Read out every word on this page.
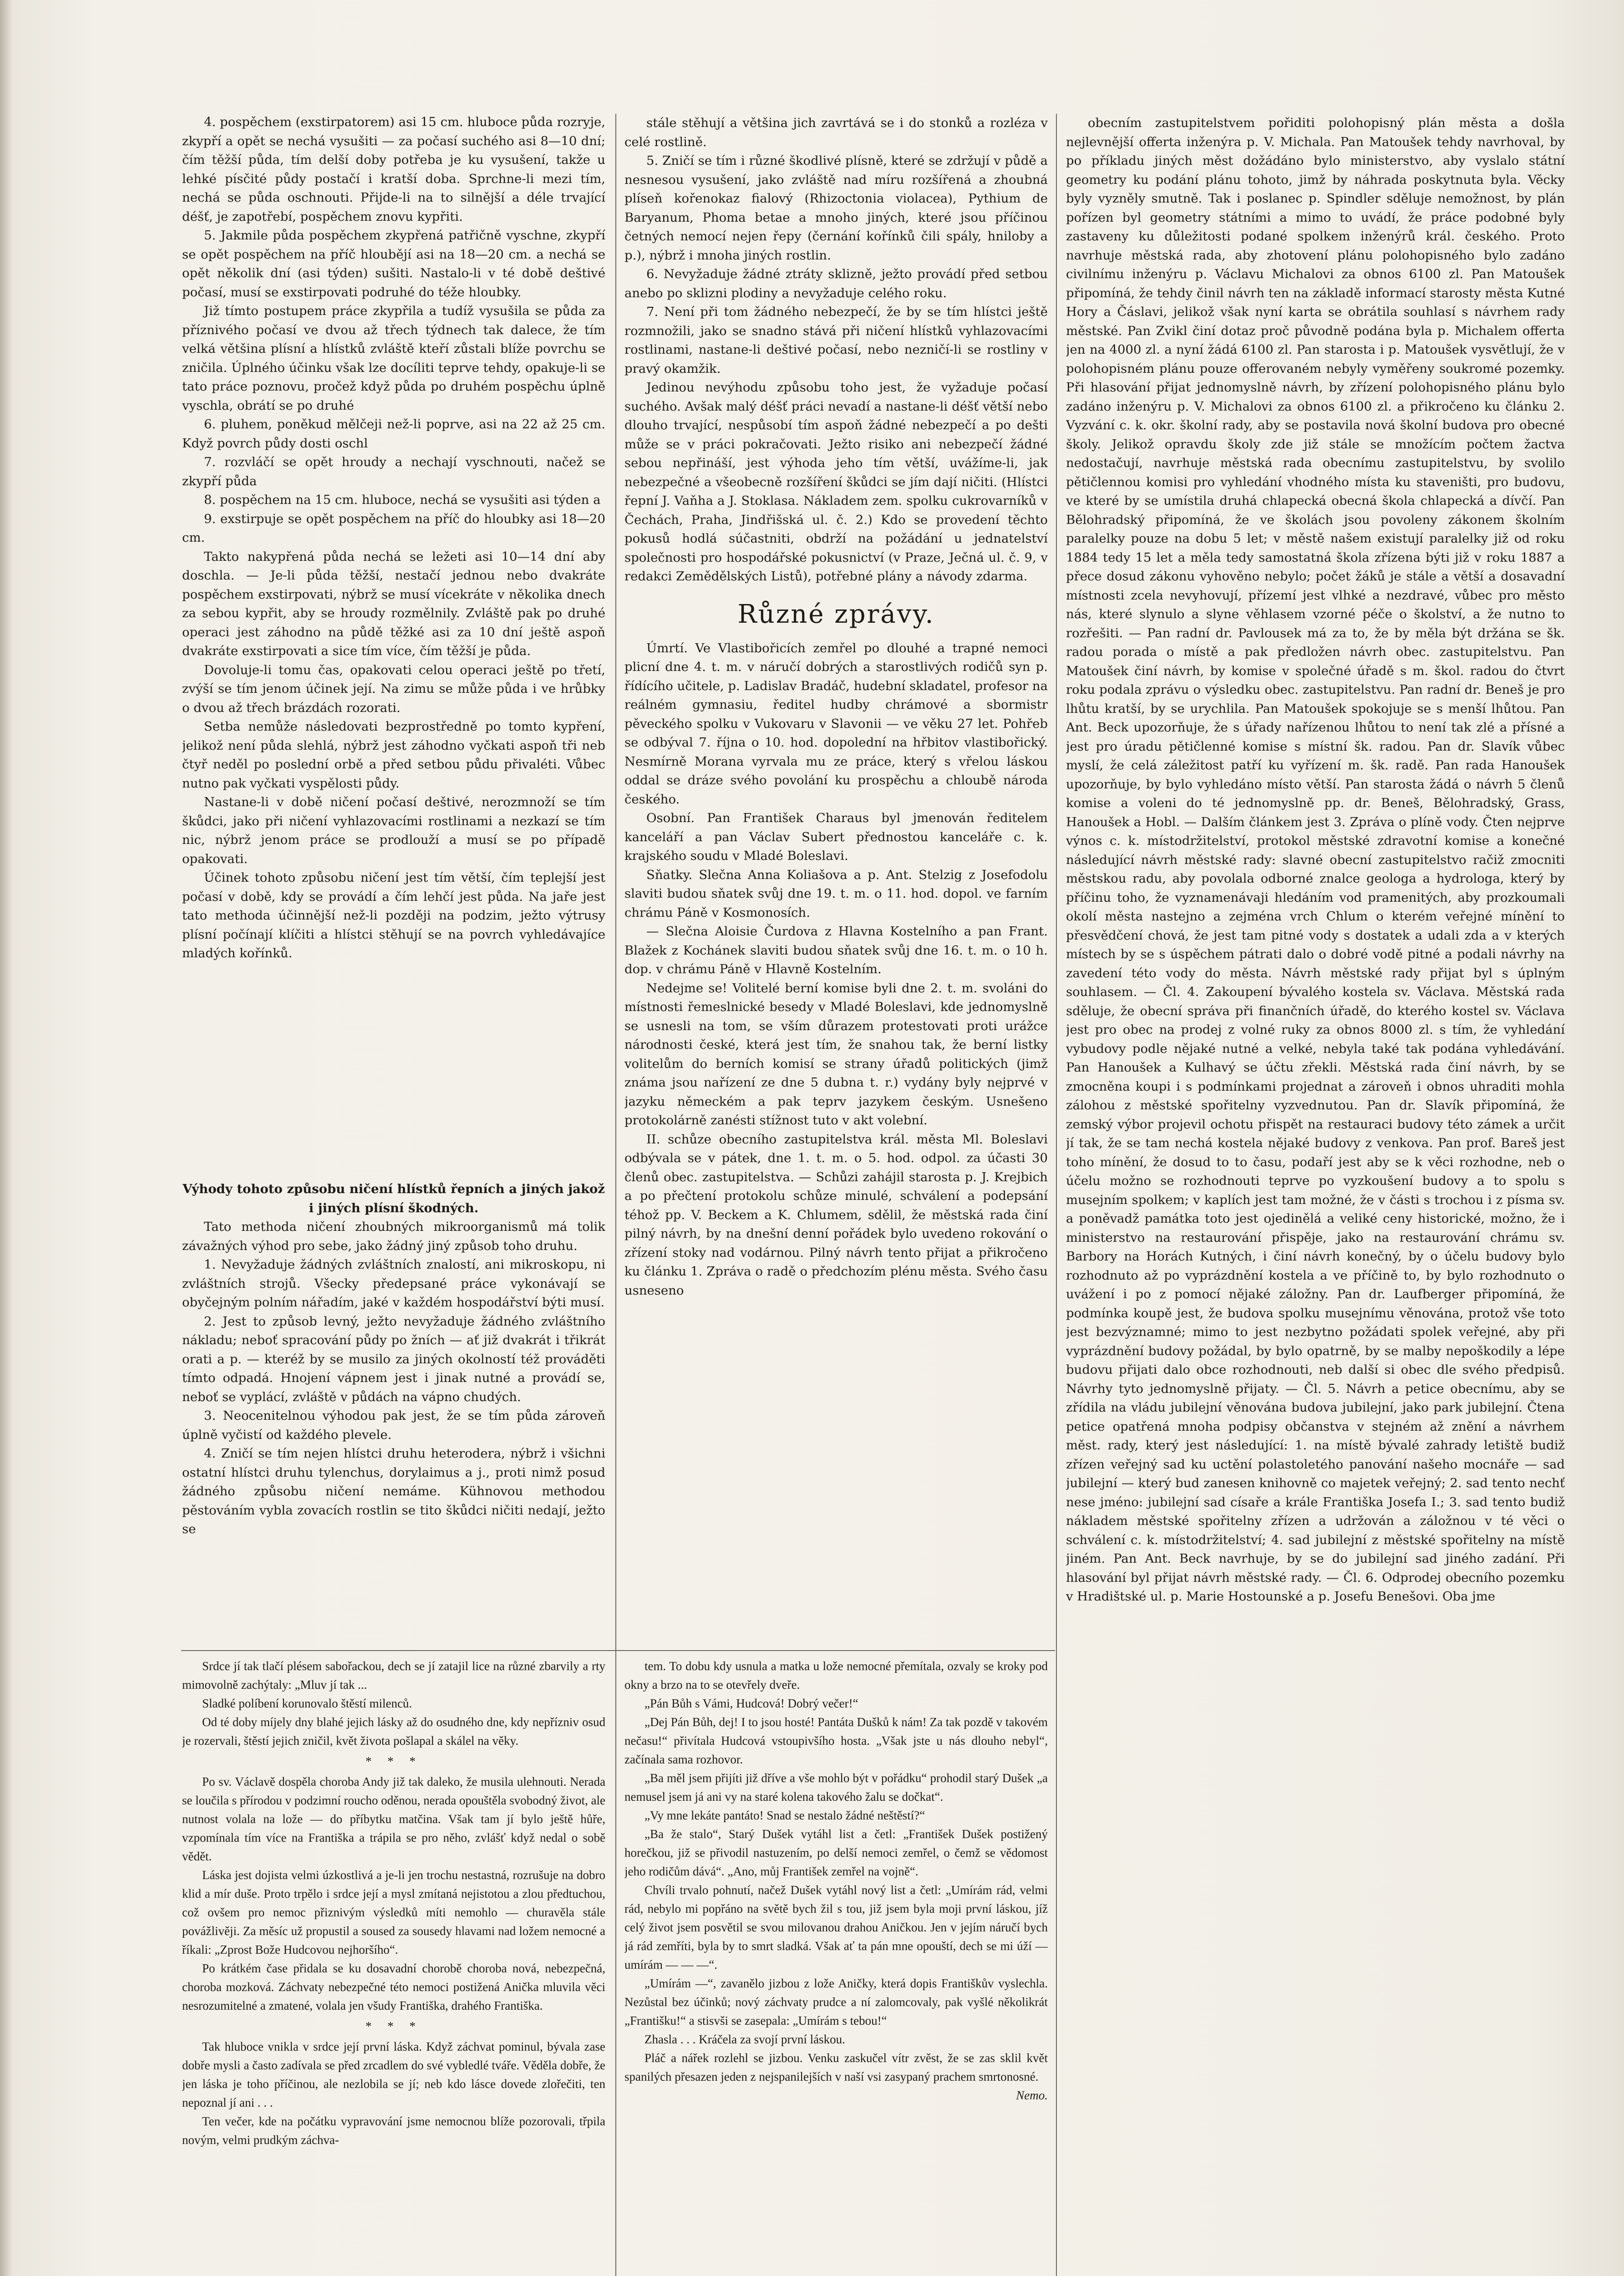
4. pospěchem (exstirpatorem) asi 15 cm. hluboce půda rozryje, zkypří a opět se nechá vysušiti — za počasí suchého asi 8—10 dní; čím těžší půda, tím delší doby potřeba je ku vysušení, takže u lehké písčité půdy postačí i kratší doba. Sprchne-li mezi tím, nechá se půda oschnouti. Přijde-li na to silnější a déle trvající déšť, je zapotřebí, pospěchem znovu kypřiti.

5. Jakmile půda pospěchem zkypřená patřičně vyschne, zkypří se opět pospěchem na příč hloubějí asi na 18—20 cm. a nechá se opět několik dní (asi týden) sušiti. Nastalo-li v té době deštivé počasí, musí se exstirpovati podruhé do téže hloubky.

Již tímto postupem práce zkypřila a tudíž vysušila se půda za příznivého počasí ve dvou až třech týdnech tak dalece, že tím velká většina plísní a hlístků zvláště kteří zůstali blíže povrchu se zničila. Úplného účinku však lze docíliti teprve tehdy, opakuje-li se tato práce poznovu, pročež když půda po druhém pospěchu úplně vyschla, obrátí se po druhé

6. pluhem, poněkud mělčeji než-li poprve, asi na 22 až 25 cm. Když povrch půdy dosti oschl

7. rozvláčí se opět hroudy a nechají vyschnouti, načež se zkypří půda

8. pospěchem na 15 cm. hluboce, nechá se vysušiti asi týden a

9. exstirpuje se opět pospěchem na příč do hloubky asi 18—20 cm.

Takto nakypřená půda nechá se ležeti asi 10—14 dní aby doschla. — Je-li půda těžší, nestačí jednou nebo dvakráte pospěchem exstirpovati, nýbrž se musí vícekráte v několika dnech za sebou kypřit, aby se hroudy rozmělnily. Zvláště pak po druhé operaci jest záhodno na půdě těžké asi za 10 dní ještě aspoň dvakráte exstirpovati a sice tím více, čím těžší je půda.

Dovoluje-li tomu čas, opakovati celou operaci ještě po třetí, zvýší se tím jenom účinek její. Na zimu se může půda i ve hrůbky o dvou až třech brázdách rozorati.

Setba nemůže následovati bezprostředně po tomto kypření, jelikož není půda slehlá, nýbrž jest záhodno vyčkati aspoň tři neb čtyř neděl po poslední orbě a před setbou půdu přivaléti. Vůbec nutno pak vyčkati vyspělosti půdy.

Nastane-li v době ničení počasí deštivé, nerozmnoží se tím škůdci, jako při ničení vyhlazovacími rostlinami a nezkazí se tím nic, nýbrž jenom práce se prodlouží a musí se po případě opakovati.

Účinek tohoto způsobu ničení jest tím větší, čím teplejší jest počasí v době, kdy se provádí a čím lehčí jest půda. Na jaře jest tato methoda účinnější než-li později na podzim, ježto výtrusy plísní počínají klíčiti a hlístci stěhují se na povrch vyhledávajíce mladých kořínků.

Výhody tohoto způsobu ničení hlístků řepních a jiných jakož i jiných plísní škodných.

Tato methoda ničení zhoubných mikroorganismů má tolik závažných výhod pro sebe, jako žádný jiný způsob toho druhu.

1. Nevyžaduje žádných zvláštních znalostí, ani mikroskopu, ni zvláštních strojů. Všecky předepsané práce vykonávají se obyčejným polním nářadím, jaké v každém hospodářství býti musí.

2. Jest to způsob levný, ježto nevyžaduje žádného zvláštního nákladu; neboť spracování půdy po žních — ať již dvakrát i třikrát orati a p. — kteréž by se musilo za jiných okolností též prováděti tímto odpadá. Hnojení vápnem jest i jinak nutné a provádí se, neboť se vyplácí, zvláště v půdách na vápno chudých.

3. Neocenitelnou výhodou pak jest, že se tím půda zároveň úplně vyčistí od každého plevele.

4. Zničí se tím nejen hlístci druhu heterodera, nýbrž i všichni ostatní hlístci druhu tylenchus, dorylaimus a j., proti nimž posud žádného způsobu ničení nemáme. Kühnovou methodou pěstováním vybla zovacích rostlin se tito škůdci ničiti nedají, ježto se

stále stěhují a většina jich zavrtává se i do stonků a rozléza v celé rostlině.

5. Zničí se tím i různé škodlivé plísně, které se zdržují v půdě a nesnesou vysušení, jako zvláště nad míru rozšířená a zhoubná plíseň kořenokaz fialový (Rhizoctonia violacea), Pythium de Baryanum, Phoma betae a mnoho jiných, které jsou příčinou četných nemocí nejen řepy (černání kořínků čili spály, hniloby a p.), nýbrž i mnoha jiných rostlin.

6. Nevyžaduje žádné ztráty sklizně, ježto provádí před setbou anebo po sklizni plodiny a nevyžaduje celého roku.

7. Není při tom žádného nebezpečí, že by se tím hlístci ještě rozmnožili, jako se snadno stává při ničení hlístků vyhlazovacími rostlinami, nastane-li deštivé počasí, nebo nezničí-li se rostliny v pravý okamžik.

Jedinou nevýhodu způsobu toho jest, že vyžaduje počasí suchého. Avšak malý déšť práci nevadí a nastane-li déšť větší nebo dlouho trvající, nespůsobí tím aspoň žádné nebezpečí a po dešti může se v práci pokračovati. Ježto risiko ani nebezpečí žádné sebou nepřináší, jest výhoda jeho tím větší, uvážíme-li, jak nebezpečné a všeobecně rozšíření škůdci se jím dají ničiti. (Hlístci řepní J. Vaňha a J. Stoklasa. Nákladem zem. spolku cukrovarníků v Čechách, Praha, Jindřišská ul. č. 2.) Kdo se provedení těchto pokusů hodlá súčastniti, obdrží na požádání u jednatelství společnosti pro hospodářské pokusnictví (v Praze, Ječná ul. č. 9, v redakci Zemědělských Listů), potřebné plány a návody zdarma.

Různé zprávy.

Úmrtí. Ve Vlastibořicích zemřel po dlouhé a trapné nemoci plicní dne 4. t. m. v náručí dobrých a starostlivých rodičů syn p. řídícího učitele, p. Ladislav Bradáč, hudební skladatel, profesor na reálném gymnasiu, ředitel hudby chrámové a sbormistr pěveckého spolku v Vukovaru v Slavonii — ve věku 27 let. Pohřeb se odbýval 7. října o 10. hod. dopolední na hřbitov vlastibořický. Nesmírně Morana vyrvala mu ze práce, který s vřelou láskou oddal se dráze svého povolání ku prospěchu a chloubě národa českého.

Osobní. Pan František Charaus byl jmenován ředitelem kanceláří a pan Václav Subert přednostou kanceláře c. k. krajského soudu v Mladé Boleslavi.

Sňatky. Slečna Anna Koliašova a p. Ant. Stelzig z Josefodolu slaviti budou sňatek svůj dne 19. t. m. o 11. hod. dopol. ve farním chrámu Páně v Kosmonosích.

— Slečna Aloisie Čurdova z Hlavna Kostelního a pan Frant. Blažek z Kochánek slaviti budou sňatek svůj dne 16. t. m. o 10 h. dop. v chrámu Páně v Hlavně Kostelním.

Nedejme se! Volitelé berní komise byli dne 2. t. m. svoláni do místnosti řemeslnické besedy v Mladé Boleslavi, kde jednomyslně se usnesli na tom, se vším důrazem protestovati proti urážce národnosti české, která jest tím, že snahou tak, že berní listky volitelům do berních komisí se strany úřadů politických (jimž známa jsou nařízení ze dne 5 dubna t. r.) vydány byly nejprvé v jazyku německém a pak teprv jazykem českým. Usnešeno protokolárně zanésti stížnost tuto v akt volební.

II. schůze obecního zastupitelstva král. města Ml. Boleslavi odbývala se v pátek, dne 1. t. m. o 5. hod. odpol. za účasti 30 členů obec. zastupitelstva. — Schůzi zahájil starosta p. J. Krejbich a po přečtení protokolu schůze minulé, schválení a podepsání téhož pp. V. Beckem a K. Chlumem, sdělil, že městská rada činí pilný návrh, by na dnešní denní pořádek bylo uvedeno rokování o zřízení stoky nad vodárnou. Pilný návrh tento přijat a přikročeno ku článku 1. Zpráva o radě o předchozím plénu města. Svého času usneseno

obecním zastupitelstvem pořiditi polohopisný plán města a došla nejlevnější offerta inženýra p. V. Michala. Pan Matoušek tehdy navrhoval, by po příkladu jiných měst dožádáno bylo ministerstvo, aby vyslalo státní geometry ku podání plánu tohoto, jimž by náhrada poskytnuta byla. Věcky byly vyzněly smutně. Tak i poslanec p. Spindler sděluje nemožnost, by plán pořízen byl geometry státními a mimo to uvádí, že práce podobné byly zastaveny ku důležitosti podané spolkem inženýrů král. českého. Proto navrhuje městská rada, aby zhotovení plánu polohopisného bylo zadáno civilnímu inženýru p. Václavu Michalovi za obnos 6100 zl. Pan Matoušek připomíná, že tehdy činil návrh ten na základě informací starosty města Kutné Hory a Čáslavi, jelikož však nyní karta se obrátila souhlasí s návrhem rady městské. Pan Zvikl činí dotaz proč původně podána byla p. Michalem offerta jen na 4000 zl. a nyní žádá 6100 zl. Pan starosta i p. Matoušek vysvětlují, že v polohopisném plánu pouze offerovaném nebyly vyměřeny soukromé pozemky. Při hlasování přijat jednomyslně návrh, by zřízení polohopisného plánu bylo zadáno inženýru p. V. Michalovi za obnos 6100 zl. a přikročeno ku článku 2. Vyzvání c. k. okr. školní rady, aby se postavila nová školní budova pro obecné školy. Jelikož opravdu školy zde již stále se množícím počtem žactva nedostačují, navrhuje městská rada obecnímu zastupitelstvu, by svolilo pětičlennou komisi pro vyhledání vhodného místa ku staveništi, pro budovu, ve které by se umístila druhá chlapecká obecná škola chlapecká a dívčí. Pan Bělohradský připomíná, že ve školách jsou povoleny zákonem školním paralelky pouze na dobu 5 let; v městě našem existují paralelky již od roku 1884 tedy 15 let a měla tedy samostatná škola zřízena býti již v roku 1887 a přece dosud zákonu vyhověno nebylo; počet žáků je stále a větší a dosavadní místnosti zcela nevyhovují, přízemí jest vlhké a nezdravé, vůbec pro město nás, které slynulo a slyne věhlasem vzorné péče o školství, a že nutno to rozřešiti. — Pan radní dr. Pavlousek má za to, že by měla být držána se šk. radou porada o místě a pak předložen návrh obec. zastupitelstvu. Pan Matoušek činí návrh, by komise v společné úřadě s m. škol. radou do čtvrt roku podala zprávu o výsledku obec. zastupitelstvu. Pan radní dr. Beneš je pro lhůtu kratší, by se urychlila. Pan Matoušek spokojuje se s menší lhůtou. Pan Ant. Beck upozorňuje, že s úřady nařízenou lhůtou to není tak zlé a přísné a jest pro úradu pětičlenné komise s místní šk. radou. Pan dr. Slavík vůbec myslí, že celá záležitost patří ku vyřízení m. šk. radě. Pan rada Hanoušek upozorňuje, by bylo vyhledáno místo větší. Pan starosta žádá o návrh 5 členů komise a voleni do té jednomyslně pp. dr. Beneš, Bělohradský, Grass, Hanoušek a Hobl. — Dalším článkem jest 3. Zpráva o plíně vody. Čten nejprve výnos c. k. místodržitelství, protokol městské zdravotní komise a konečné následující návrh městské rady: slavné obecní zastupitelstvo račiž zmocniti městskou radu, aby povolala odborné znalce geologa a hydrologa, který by příčinu toho, že vyznamenávaji hledáním vod pramenitých, aby prozkoumali okolí města nastejno a zejména vrch Chlum o kterém veřejné mínění to přesvědčení chová, že jest tam pitné vody s dostatek a udali zda a v kterých místech by se s úspěchem pátrati dalo o dobré vodě pitné a podali návrhy na zavedení této vody do města. Návrh městské rady přijat byl s úplným souhlasem. — Čl. 4. Zakoupení bývalého kostela sv. Václava. Městská rada sděluje, že obecní správa při finančních úřadě, do kterého kostel sv. Václava jest pro obec na prodej z volné ruky za obnos 8000 zl. s tím, že vyhledání vybudovy podle nějaké nutné a velké, nebyla také tak podána vyhledávání. Pan Hanoušek a Kulhavý se účtu zřekli. Městská rada činí návrh, by se zmocněna koupi i s podmínkami projednat a zároveň i obnos uhraditi mohla zálohou z městské spořitelny vyzvednutou. Pan dr. Slavík připomíná, že zemský výbor projevil ochotu přispět na restauraci budovy této zámek a určit jí tak, že se tam nechá kostela nějaké budovy z venkova. Pan prof. Bareš jest toho mínění, že dosud to to času, podaří jest aby se k věci rozhodne, neb o účelu možno se rozhodnouti teprve po vyzkoušení budovy a to spolu s musejním spolkem; v kaplích jest tam možné, že v části s trochou i z písma sv. a poněvadž památka toto jest ojedinělá a veliké ceny historické, možno, že i ministerstvo na restaurování přispěje, jako na restaurování chrámu sv. Barbory na Horách Kutných, i činí návrh konečný, by o účelu budovy bylo rozhodnuto až po vyprázdnění kostela a ve příčině to, by bylo rozhodnuto o uvážení i po z pomocí nějaké záložny. Pan dr. Laufberger připomíná, že podmínka koupě jest, že budova spolku musejnímu věnována, protož vše toto jest bezvýznamné; mimo to jest nezbytno požádati spolek veřejné, aby při vyprázdnění budovy požádal, by bylo opatrně, by se malby nepoškodily a lépe budovu přijati dalo obce rozhodnouti, neb další si obec dle svého předpisů. Návrhy tyto jednomyslně přijaty. — Čl. 5. Návrh a petice obecnímu, aby se zřídila na vládu jubilejní věnována budova jubilejní, jako park jubilejní. Čtena petice opatřená mnoha podpisy občanstva v stejném až znění a návrhem měst. rady, který jest následující: 1. na místě bývalé zahrady letiště budiž zřízen veřejný sad ku uctění polastoletého panování našeho mocnáře — sad jubilejní — který bud zanesen knihovně co majetek veřejný; 2. sad tento nechť nese jméno: jubilejní sad císaře a krále Františka Josefa I.; 3. sad tento budiž nákladem městské spořitelny zřízen a udržován a záložnou v té věci o schválení c. k. místodržitelství; 4. sad jubilejní z městské spořitelny na místě jiném. Pan Ant. Beck navrhuje, by se do jubilejní sad jiného zadání. Při hlasování byl přijat návrh městské rady. — Čl. 6. Odprodej obecního pozemku v Hradištské ul. p. Marie Hostounské a p. Josefu Benešovi. Oba jme

Srdce jí tak tlačí plésem sabořackou, dech se jí zatajil lice na různé zbarvily a rty mimovolně zachýtaly: „Mluv jí tak ...

Sladké políbení korunovalo štěstí milenců.

Od té doby míjely dny blahé jejich lásky až do osudného dne, kdy nepřízniv osud je rozervali, štěstí jejich zničil, květ života pošlapal a skálel na věky.

* * *

Po sv. Václavě dospěla choroba Andy již tak daleko, že musila ulehnouti. Nerada se loučila s přírodou v podzimní roucho oděnou, nerada opouštěla svobodný život, ale nutnost volala na lože — do příbytku matčina. Však tam jí bylo ještě hůře, vzpomínala tím více na Františka a trápila se pro něho, zvlášť když nedal o sobě vědět.

Láska jest dojista velmi úzkostlivá a je-li jen trochu nestastná, rozrušuje na dobro klid a mír duše. Proto trpělo i srdce její a mysl zmítaná nejistotou a zlou předtuchou, což ovšem pro nemoc přiznivým výsledků míti nemohlo — churavěla stále povážlivěji. Za měsíc už propustil a soused za sousedy hlavami nad ložem nemocné a říkali: „Zprost Bože Hudcovou nejhoršího“.

Po krátkém čase přidala se ku dosavadní chorobě choroba nová, nebezpečná, choroba mozková. Záchvaty nebezpečné této nemoci postižená Anička mluvila věci nesrozumitelné a zmatené, volala jen všudy Františka, drahého Františka.

* * *

Tak hluboce vnikla v srdce její první láska. Když záchvat pominul, bývala zase dobře mysli a často zadívala se před zrcadlem do své vybledlé tváře. Věděla dobře, že jen láska je toho příčinou, ale nezlobila se jí; neb kdo lásce dovede zlořečiti, ten nepoznal jí ani . . .

Ten večer, kde na počátku vypravování jsme nemocnou blíže pozorovali, třpila novým, velmi prudkým záchva-

tem. To dobu kdy usnula a matka u lože nemocné přemítala, ozvaly se kroky pod okny a brzo na to se otevřely dveře.

„Pán Bůh s Vámi, Hudcová! Dobrý večer!“

„Dej Pán Bůh, dej! I to jsou hosté! Pantáta Dušků k nám! Za tak pozdě v takovém nečasu!“ přivítala Hudcová vstoupivšího hosta. „Však jste u nás dlouho nebyl“, začínala sama rozhovor.

„Ba měl jsem přijíti již dříve a vše mohlo být v pořádku“ prohodil starý Dušek „a nemusel jsem já ani vy na staré kolena takového žalu se dočkat“.

„Vy mne lekáte pantáto! Snad se nestalo žádné neštěstí?“

„Ba že stalo“, Starý Dušek vytáhl list a četl: „František Dušek postižený horečkou, již se přivodil nastuzením, po delší nemoci zemřel, o čemž se vědomost jeho rodičům dává“. „Ano, můj František zemřel na vojně“.

Chvíli trvalo pohnutí, načež Dušek vytáhl nový list a četl: „Umírám rád, velmi rád, nebylo mi popřáno na světě bych žil s tou, již jsem byla moji první láskou, jíž celý život jsem posvětil se svou milovanou drahou Aničkou. Jen v jejím náručí bych já rád zemříti, byla by to smrt sladká. Však ať ta pán mne opouští, dech se mi úží — umírám — — —“.

„Umírám —“, zavanělo jizbou z lože Aničky, která dopis Františkův vyslechla. Nezůstal bez účinků; nový záchvaty prudce a ní zalomcovaly, pak vyšlé několikrát „Františku!“ a stisvši se zasepala: „Umírám s tebou!“

Zhasla . . . Kráčela za svojí první láskou.

Pláč a nářek rozlehl se jizbou. Venku zaskučel vítr zvěst, že se zas sklil květ spanilých přesazen jeden z nejspanilejších v naší vsi zasypaný prachem smrtonosné.

Nemo.
